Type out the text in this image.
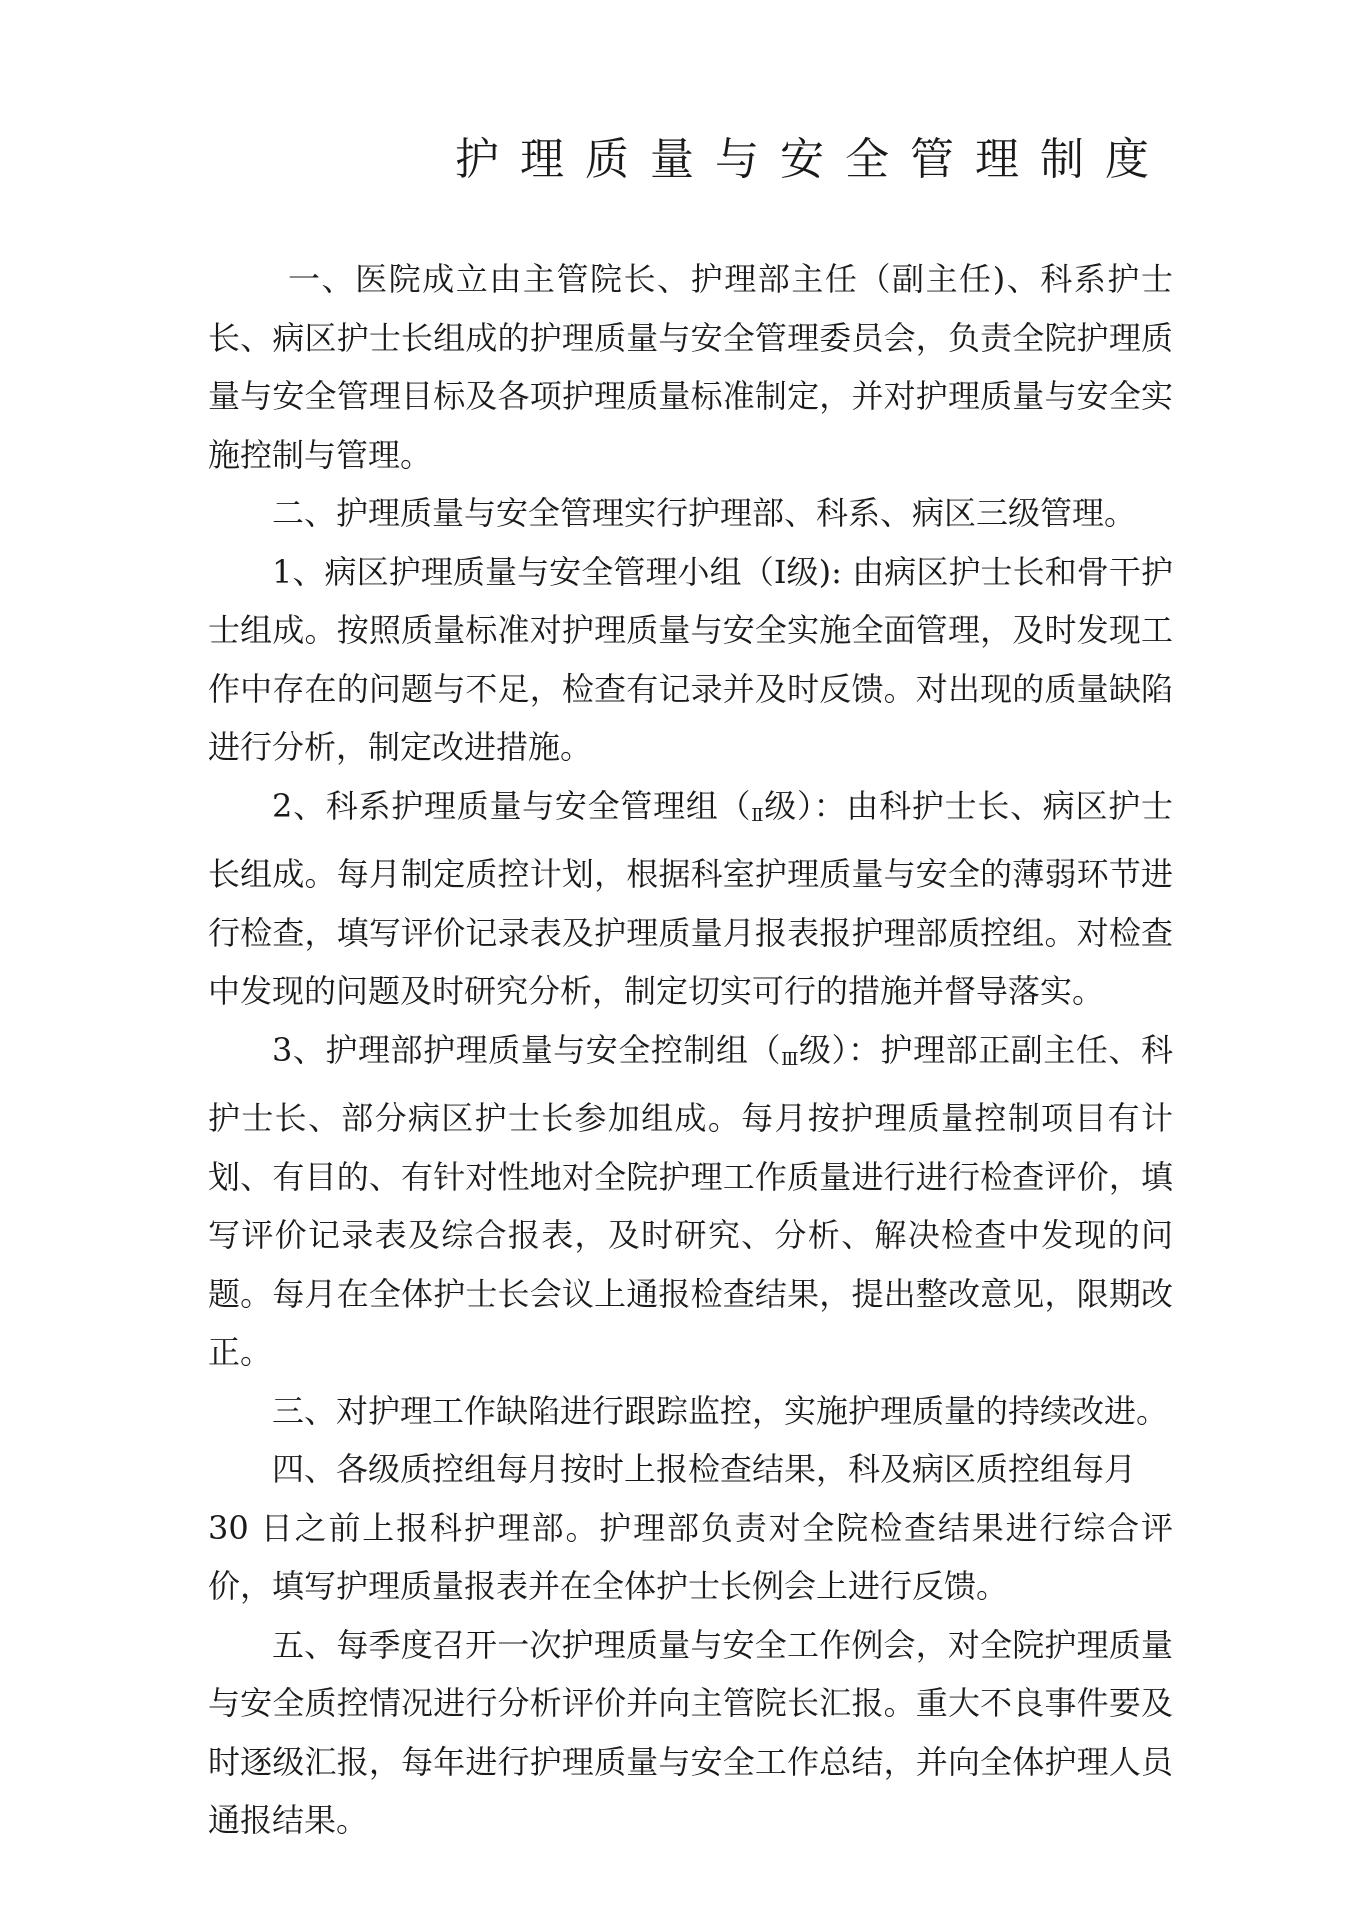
护理质量与安全管理制度

一、医院成立由主管院长、护理部主任（副主任)、科系护士长、病区护士长组成的护理质量与安全管理委员会，负责全院护理质量与安全管理目标及各项护理质量标准制定，并对护理质量与安全实施控制与管理。

二、护理质量与安全管理实行护理部、科系、病区三级管理。

1、病区护理质量与安全管理小组（Ⅰ级): 由病区护士长和骨干护士组成。按照质量标准对护理质量与安全实施全面管理，及时发现工作中存在的问题与不足，检查有记录并及时反馈。对出现的质量缺陷进行分析，制定改进措施。

2、科系护理质量与安全管理组（$_Ⅱ$级）：由科护士长、病区护士长组成。每月制定质控计划，根据科室护理质量与安全的薄弱环节进行检查，填写评价记录表及护理质量月报表报护理部质控组。对检查中发现的问题及时研究分析，制定切实可行的措施并督导落实。

3、护理部护理质量与安全控制组（$_Ⅲ$级）：护理部正副主任、科护士长、部分病区护士长参加组成。每月按护理质量控制项目有计划、有目的、有针对性地对全院护理工作质量进行进行检查评价，填写评价记录表及综合报表，及时研究、分析、解决检查中发现的问题。每月在全体护士长会议上通报检查结果，提出整改意见，限期改正。

三、对护理工作缺陷进行跟踪监控，实施护理质量的持续改进。

四、各级质控组每月按时上报检查结果，科及病区质控组每月

30 日之前上报科护理部。护理部负责对全院检查结果进行综合评价，填写护理质量报表并在全体护士长例会上进行反馈。

五、每季度召开一次护理质量与安全工作例会，对全院护理质量与安全质控情况进行分析评价并向主管院长汇报。重大不良事件要及时逐级汇报，每年进行护理质量与安全工作总结，并向全体护理人员通报结果。
